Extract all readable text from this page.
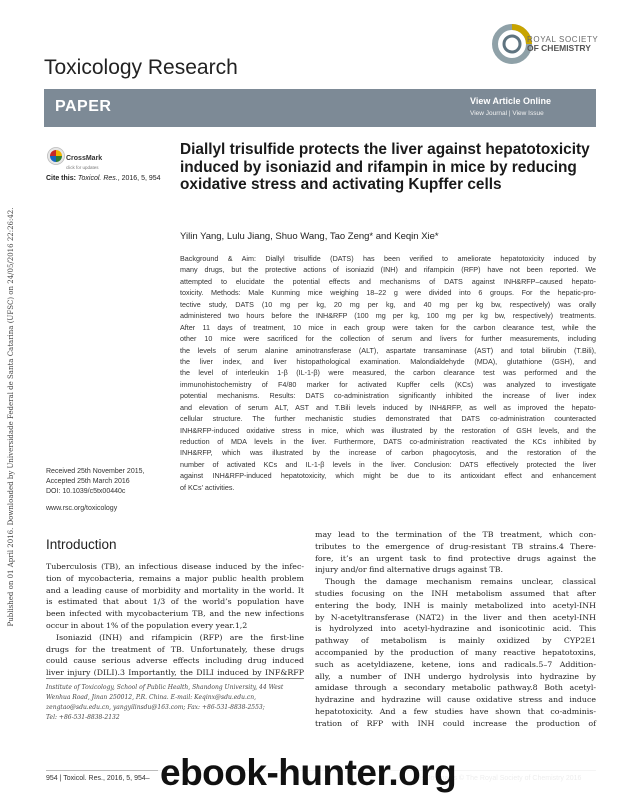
Published on 01 April 2016. Downloaded by Universidade Federal de Santa Catarina (UFSC) on 24/05/2016 22:26:42.
ROYAL SOCIETY
OF CHEMISTRY
Toxicology Research
PAPER	View Article Online
View Journal | View Issue
CrossMark
click for updates
Cite this: Toxicol. Res., 2016, 5, 954
Diallyl trisulfide protects the liver against hepatotoxicity induced by isoniazid and rifampin in mice by reducing oxidative stress and activating Kupffer cells
Yilin Yang, Lulu Jiang, Shuo Wang, Tao Zeng* and Keqin Xie*
Background & Aim: Diallyl trisulfide (DATS) has been verified to ameliorate hepatotoxicity induced by
many drugs, but the protective actions of isoniazid (INH) and rifampicin (RFP) have not been reported. We
attempted to elucidate the potential effects and mechanisms of DATS against INH&RFP–caused hepato-
toxicity. Methods: Male Kunming mice weighing 18–22 g were divided into 6 groups. For the hepatic-pro-
tective study, DATS (10 mg per kg, 20 mg per kg, and 40 mg per kg bw, respectively) was orally
administered two hours before the INH&RFP (100 mg per kg, 100 mg per kg bw, respectively) treatments.
After 11 days of treatment, 10 mice in each group were taken for the carbon clearance test, while the
other 10 mice were sacrificed for the collection of serum and livers for further measurements, including
the levels of serum alanine aminotransferase (ALT), aspartate transaminase (AST) and total bilirubin (T.Bili),
the liver index, and liver histopathological examination. Malondialdehyde (MDA), glutathione (GSH), and
the level of interleukin 1-β (IL-1-β) were measured, the carbon clearance test was performed and the
immunohistochemistry of F4/80 marker for activated Kupffer cells (KCs) was analyzed to investigate
potential mechanisms. Results: DATS co-administration significantly inhibited the increase of liver index
and elevation of serum ALT, AST and T.Bili levels induced by INH&RFP, as well as improved the hepato-
cellular structure. The further mechanistic studies demonstrated that DATS co-administration counteracted
INH&RFP-induced oxidative stress in mice, which was illustrated by the restoration of GSH levels, and the
reduction of MDA levels in the liver. Furthermore, DATS co-administration reactivated the KCs inhibited by
INH&RFP, which was illustrated by the increase of carbon phagocytosis, and the restoration of the
number of activated KCs and IL-1-β levels in the liver. Conclusion: DATS effectively protected the liver
against INH&RFP-induced hepatotoxicity, which might be due to its antioxidant effect and enhancement
of KCs’ activities.
Received 25th November 2015,
Accepted 25th March 2016
DOI: 10.1039/c5tx00440c
www.rsc.org/toxicology
Introduction
Tuberculosis (TB), an infectious disease induced by the infec-
tion of mycobacteria, remains a major public health problem
and a leading cause of morbidity and mortality in the world. It
is estimated that about 1/3 of the world’s population have
been infected with mycobacterium TB, and the new infections
occur in about 1% of the population every year.1,2
Isoniazid (INH) and rifampicin (RFP) are the first-line
drugs for the treatment of TB. Unfortunately, these drugs
could cause serious adverse effects including drug induced
liver injury (DILI).3 Importantly, the DILI induced by INF&RFP
may lead to the termination of the TB treatment, which con-
tributes to the emergence of drug-resistant TB strains.4 There-
fore, it’s an urgent task to find protective drugs against the
injury and/or find alternative drugs against TB.
Though the damage mechanism remains unclear, classical
studies focusing on the INH metabolism assumed that after
entering the body, INH is mainly metabolized into acetyl-INH
by N-acetyltransferase (NAT2) in the liver and then acetyl-INH
is hydrolyzed into acetyl-hydrazine and isonicotinic acid. This
pathway of metabolism is mainly oxidized by CYP2E1
accompanied by the production of many reactive hepatotoxins,
such as acetyldiazene, ketene, ions and radicals.5–7 Addition-
ally, a number of INH undergo hydrolysis into hydrazine by
amidase through a secondary metabolic pathway.8 Both acetyl-
hydrazine and hydrazine will cause oxidative stress and induce
hepatotoxicity. And a few studies have shown that co-adminis-
tration of RFP with INH could increase the production of
Institute of Toxicology, School of Public Health, Shandong University, 44 West
Wenhua Road, Jinan 250012, P.R. China. E-mail: Keqinx@sdu.edu.cn,
zengtao@sdu.edu.cn, yangyilinsdu@163.com; Fax: +86-531-8838-2553;
Tel: +86-531-8838-2132
954 | Toxicol. Res., 2016, 5, 954– ebook-hunter.org
